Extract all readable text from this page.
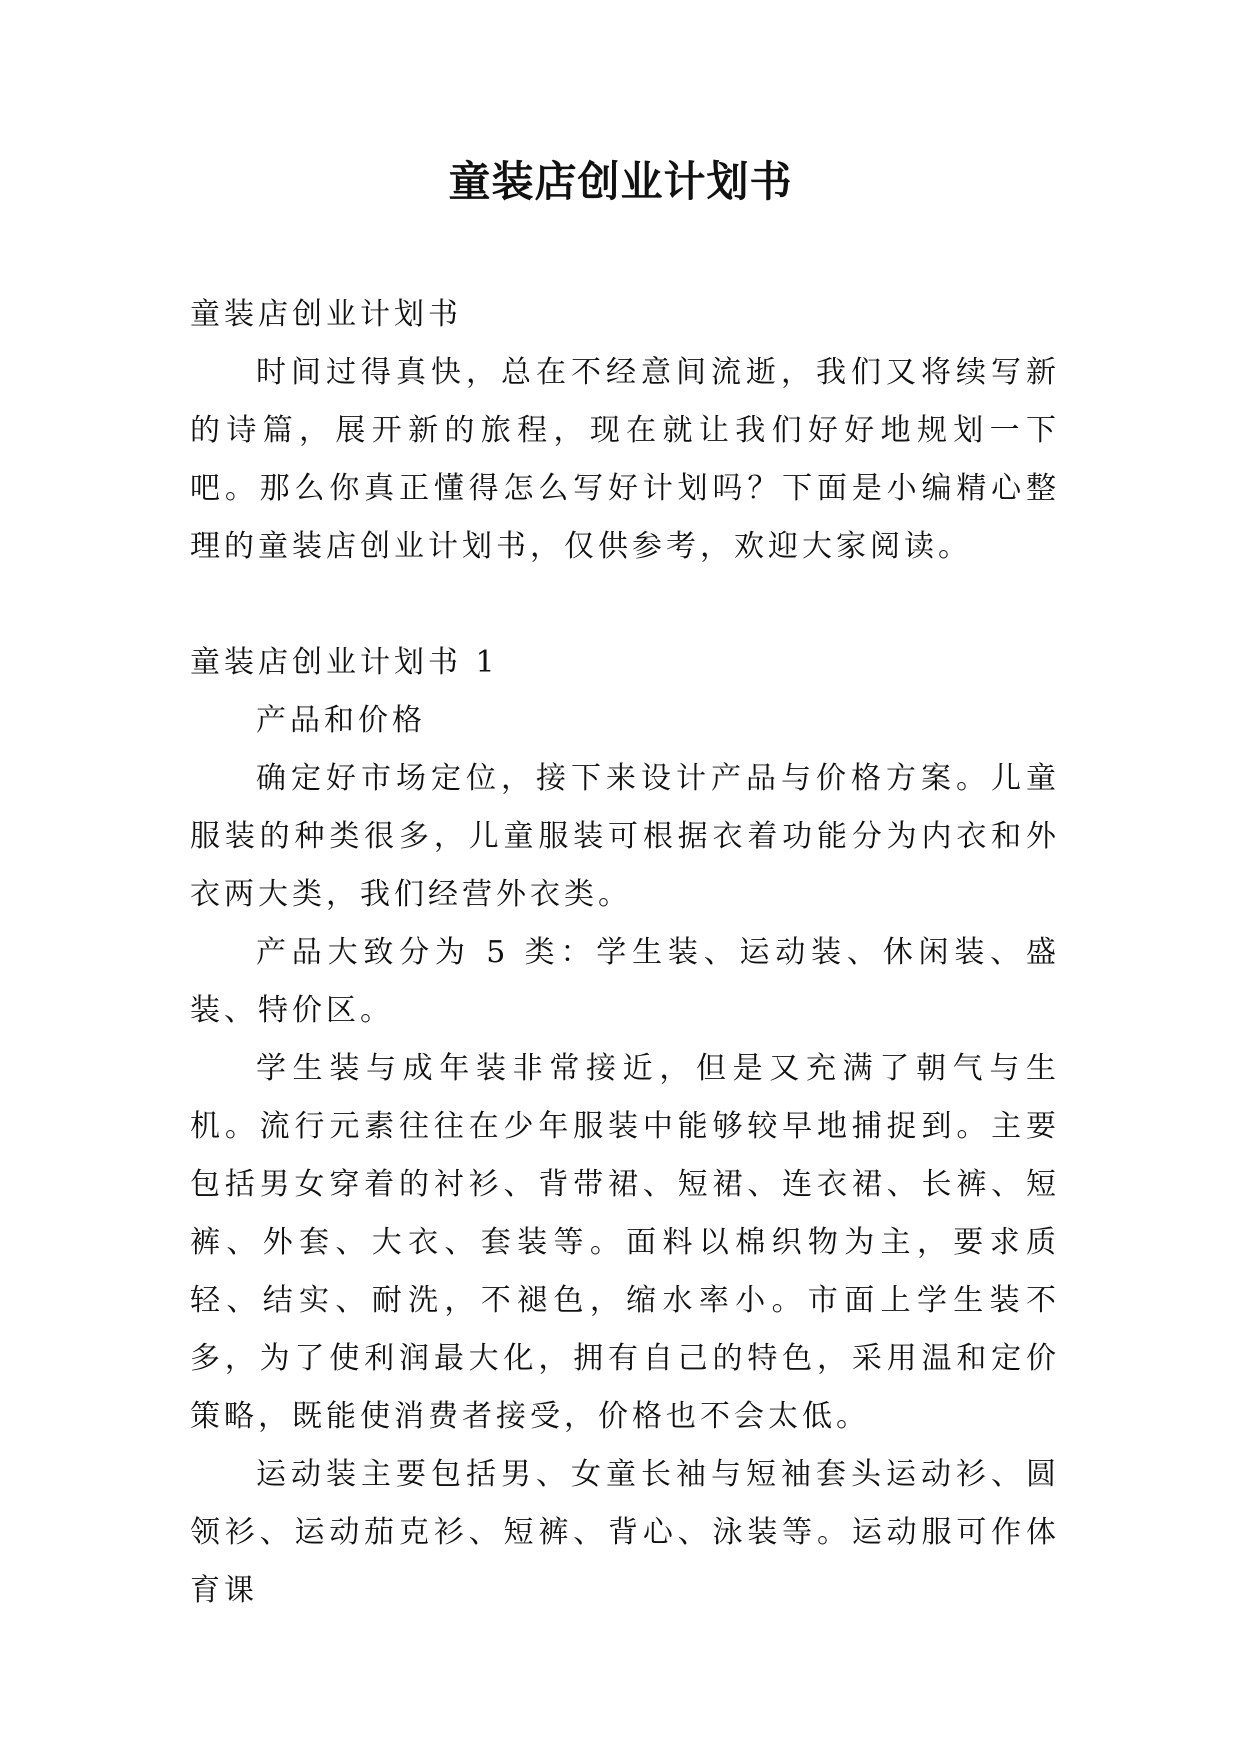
童装店创业计划书

童装店创业计划书

时间过得真快，总在不经意间流逝，我们又将续写新的诗篇，展开新的旅程，现在就让我们好好地规划一下吧。那么你真正懂得怎么写好计划吗？下面是小编精心整理的童装店创业计划书，仅供参考，欢迎大家阅读。

童装店创业计划书 1

产品和价格

确定好市场定位，接下来设计产品与价格方案。儿童服装的种类很多，儿童服装可根据衣着功能分为内衣和外衣两大类，我们经营外衣类。

产品大致分为 5 类：学生装、运动装、休闲装、盛装、特价区。

学生装与成年装非常接近，但是又充满了朝气与生机。流行元素往往在少年服装中能够较早地捕捉到。主要包括男女穿着的衬衫、背带裙、短裙、连衣裙、长裤、短裤、外套、大衣、套装等。面料以棉织物为主，要求质轻、结实、耐洗，不褪色，缩水率小。市面上学生装不多，为了使利润最大化，拥有自己的特色，采用温和定价策略，既能使消费者接受，价格也不会太低。

运动装主要包括男、女童长袖与短袖套头运动衫、圆领衫、运动茄克衫、短裤、背心、泳装等。运动服可作体育课
